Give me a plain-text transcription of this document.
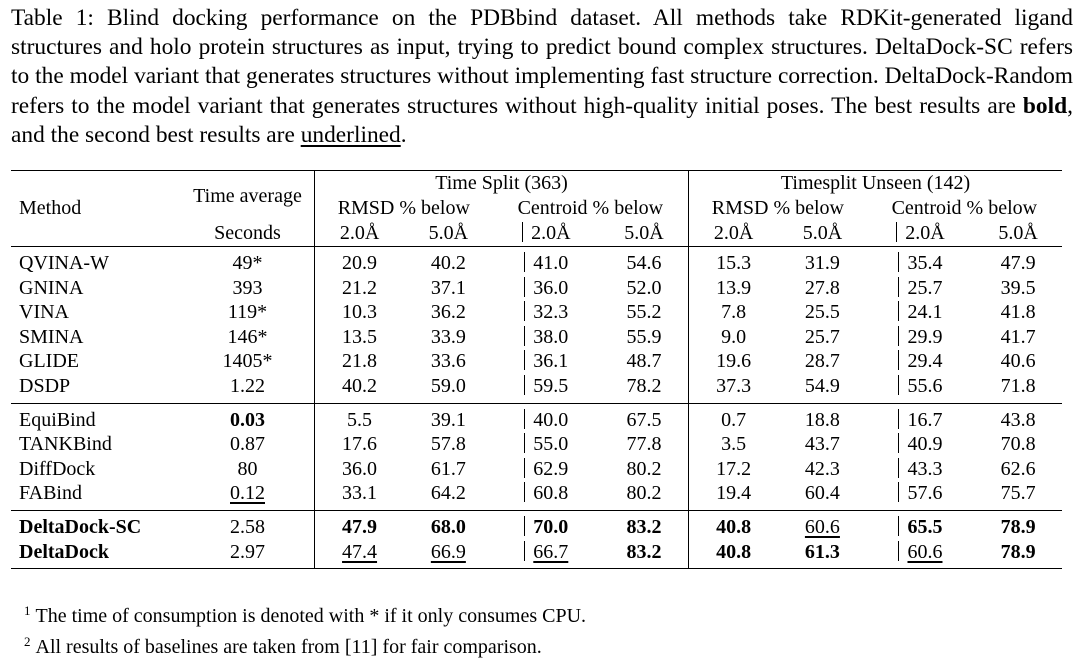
Table 1: Blind docking performance on the PDBbind dataset. All methods take RDKit-generated ligand structures and holo protein structures as input, trying to predict bound complex structures. DeltaDock-SC refers to the model variant that generates structures without implementing fast structure correction. DeltaDock-Random refers to the model variant that generates structures without high-quality initial poses. The best results are bold, and the second best results are underlined.
	Time average	Time Split (363)				Timesplit Unseen (142)			
Method		RMSD % below		Centroid % below		RMSD % below		Centroid % below	
	Seconds	2.0Å	5.0Å	2.0Å	5.0Å	2.0Å	5.0Å	2.0Å	5.0Å
QVINA-W	49*	20.9	40.2	41.0	54.6	15.3	31.9	35.4	47.9
GNINA	393	21.2	37.1	36.0	52.0	13.9	27.8	25.7	39.5
VINA	119*	10.3	36.2	32.3	55.2	7.8	25.5	24.1	41.8
SMINA	146*	13.5	33.9	38.0	55.9	9.0	25.7	29.9	41.7
GLIDE	1405*	21.8	33.6	36.1	48.7	19.6	28.7	29.4	40.6
DSDP	1.22	40.2	59.0	59.5	78.2	37.3	54.9	55.6	71.8
EquiBind	0.03	5.5	39.1	40.0	67.5	0.7	18.8	16.7	43.8
TANKBind	0.87	17.6	57.8	55.0	77.8	3.5	43.7	40.9	70.8
DiffDock	80	36.0	61.7	62.9	80.2	17.2	42.3	43.3	62.6
FABind	0.12	33.1	64.2	60.8	80.2	19.4	60.4	57.6	75.7
DeltaDock-SC	2.58	47.9	68.0	70.0	83.2	40.8	60.6	65.5	78.9
DeltaDock	2.97	47.4	66.9	66.7	83.2	40.8	61.3	60.6	78.9
$^1$ The time of consumption is denoted with * if it only consumes CPU.
$^2$ All results of baselines are taken from [11] for fair comparison.
